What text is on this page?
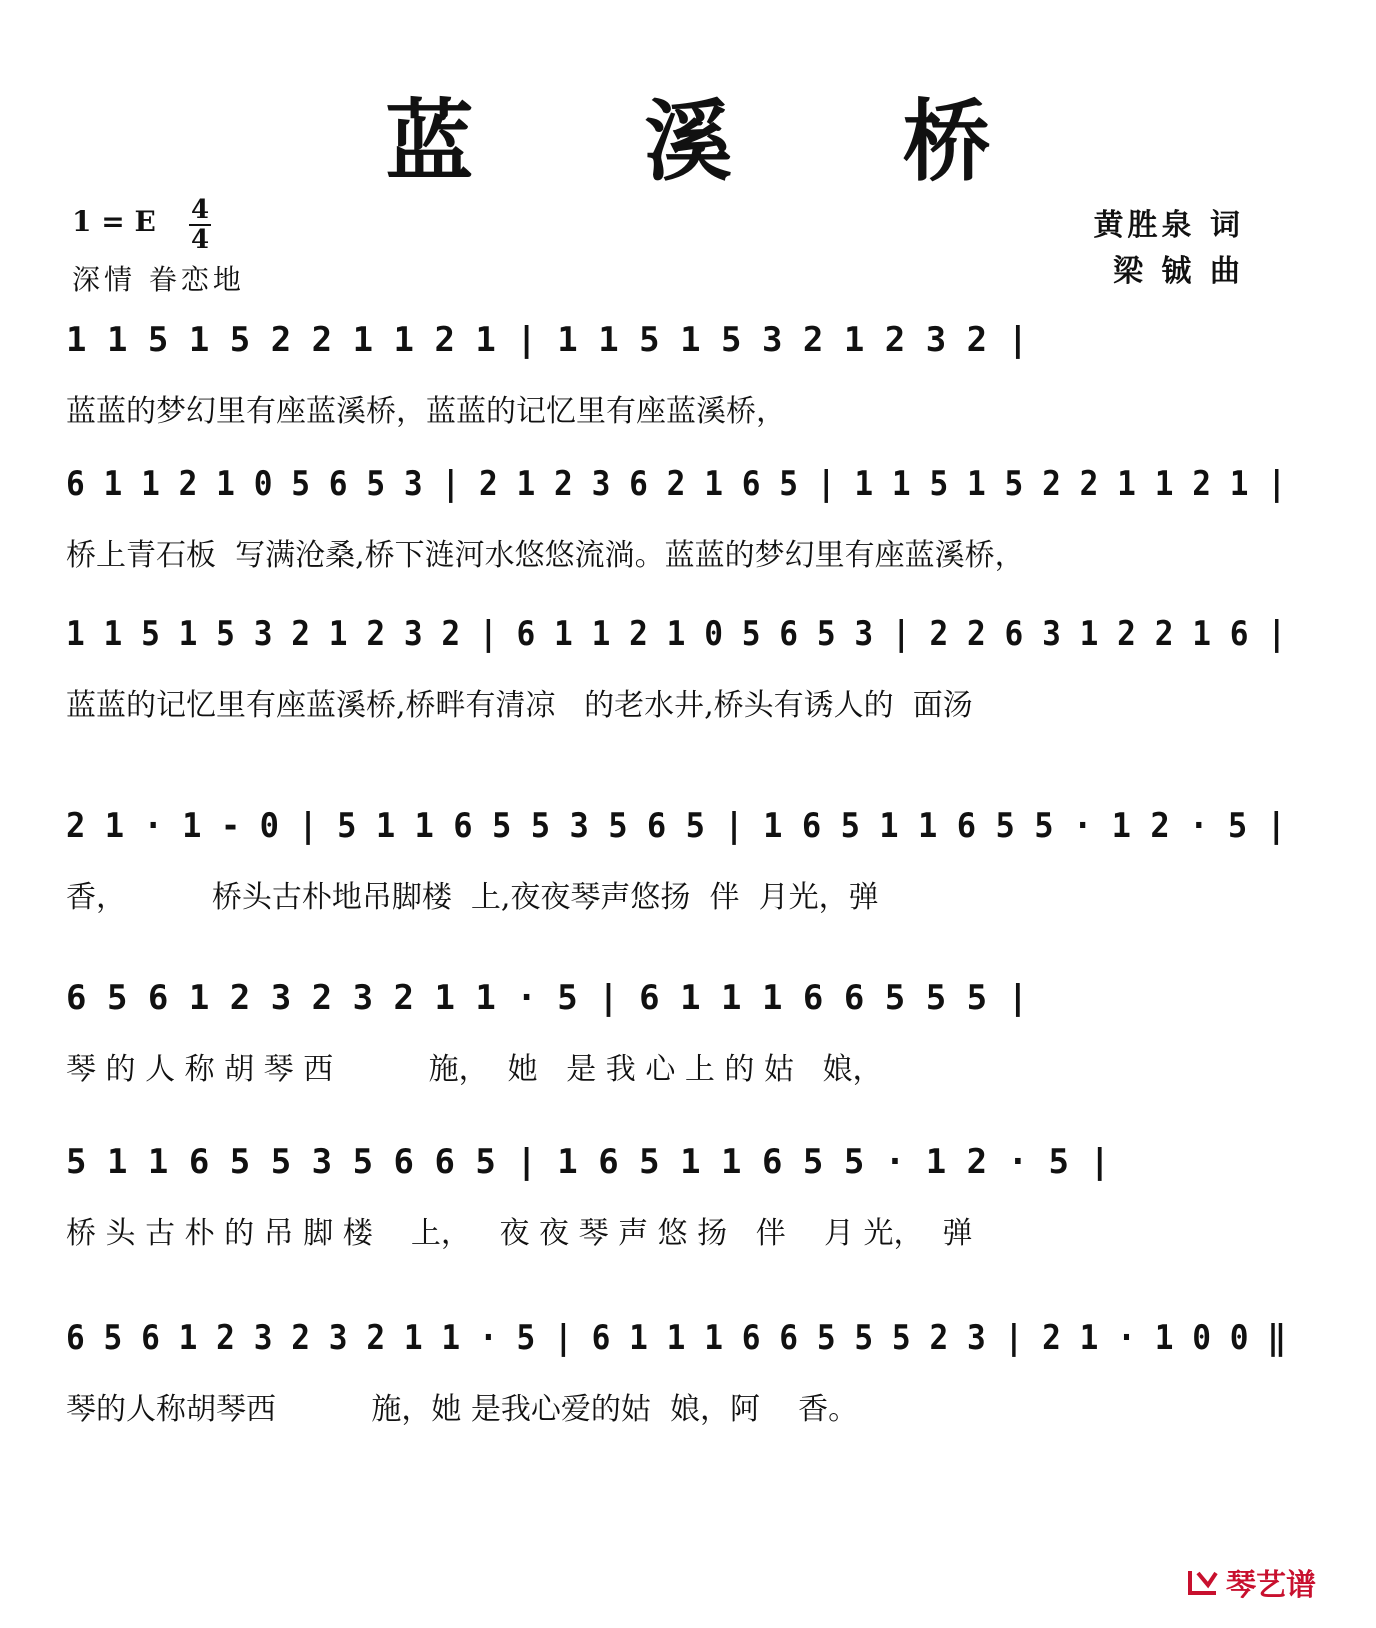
蓝 溪 桥
1 = E 4
4
深情 眷恋地
黄胜泉 词
梁 铖 曲
1 1 5 1 5 2 2 1 1 2 1 | 1 1 5 1 5 3 2 1 2 3 2 |
蓝蓝的梦幻里有座蓝溪桥，蓝蓝的记忆里有座蓝溪桥，
6 1 1 2 1 0 5 6 5 3 | 2 1 2 3 6 2 1 6 5 | 1 1 5 1 5 2 2 1 1 2 1 |
桥上青石板  写满沧桑,桥下涟河水悠悠流淌。蓝蓝的梦幻里有座蓝溪桥，
1 1 5 1 5 3 2 1 2 3 2 | 6 1 1 2 1 0 5 6 5 3 | 2 2 6 3 1 2 2 1 6 |
蓝蓝的记忆里有座蓝溪桥,桥畔有清凉   的老水井,桥头有诱人的  面汤
2 1 · 1 - 0 | 5 1 1 6 5 5 3 5 6 5 | 1 6 5 1 1 6 5 5 · 1 2 · 5 |
香，         桥头古朴地吊脚楼  上,夜夜琴声悠扬  伴  月光，弹
6 5 6 1 2 3 2 3 2 1 1 · 5 | 6 1 1 1 6 6 5 5 5 |
琴 的 人 称 胡 琴 西          施，  她   是 我 心 上 的 姑   娘，
5 1 1 6 5 5 3 5 6 6 5 | 1 6 5 1 1 6 5 5 · 1 2 · 5 |
桥 头 古 朴 的 吊 脚 楼    上，   夜 夜 琴 声 悠 扬   伴    月 光，  弹
6 5 6 1 2 3 2 3 2 1 1 · 5 | 6 1 1 1 6 6 5 5 5 2 3 | 2 1 · 1 0 0 ‖
琴的人称胡琴西          施，她 是我心爱的姑  娘，阿    香。
琴艺谱
